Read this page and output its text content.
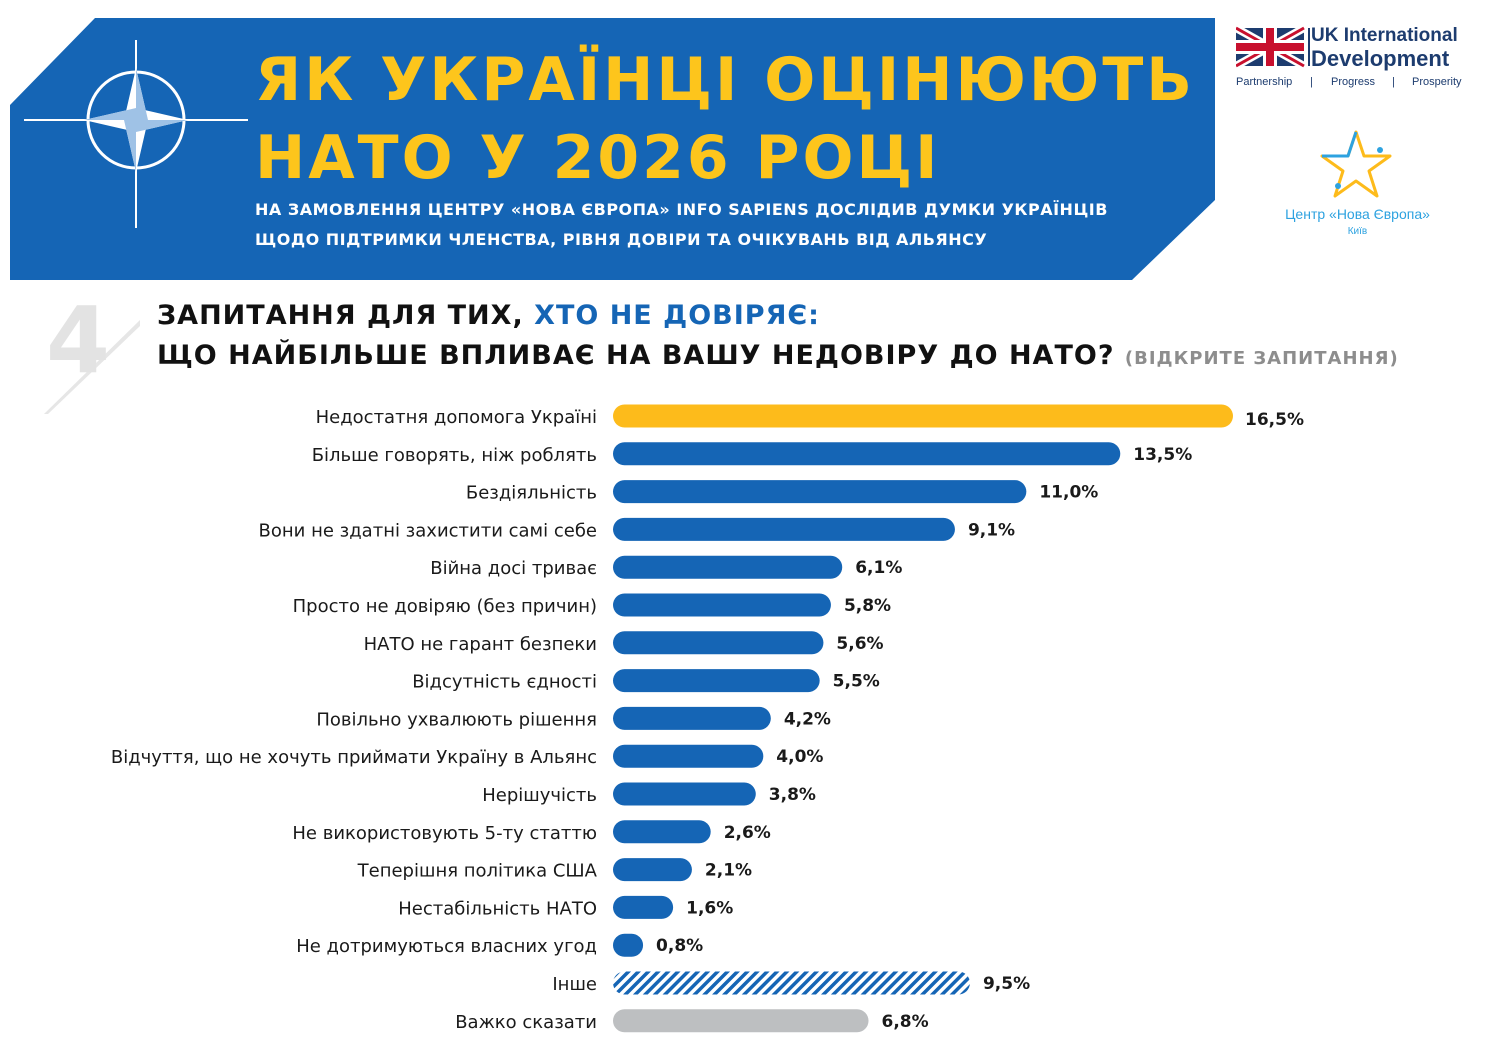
ЯК УКРАЇНЦІ ОЦІНЮЮТЬ
НАТО У 2026 РОЦІ
НА ЗАМОВЛЕННЯ ЦЕНТРУ «НОВА ЄВРОПА» INFO SAPIENS ДОСЛІДИВ ДУМКИ УКРАЇНЦІВ
ЩОДО ПІДТРИМКИ ЧЛЕНСТВА, РІВНЯ ДОВІРИ ТА ОЧІКУВАНЬ ВІД АЛЬЯНСУ
UK International
Development
Partnership | Progress | Prosperity
Центр «Нова Європа»
Київ
4 ЗАПИТАННЯ ДЛЯ ТИХ, ХТО НЕ ДОВІРЯЄ:
ЩО НАЙБІЛЬШЕ ВПЛИВАЄ НА ВАШУ НЕДОВІРУ ДО НАТО? (ВІДКРИТЕ ЗАПИТАННЯ)
Недостатня допомога Україні	16,5%
Більше говорять, ніж роблять	13,5%
Бездіяльність	11,0%
Вони не здатні захистити самі себе	9,1%
Війна досі триває	6,1%
Просто не довіряю (без причин)	5,8%
НАТО не гарант безпеки	5,6%
Відсутність єдності	5,5%
Повільно ухвалюють рішення	4,2%
Відчуття, що не хочуть приймати Україну в Альянс	4,0%
Нерішучість	3,8%
Не використовують 5-ту статтю	2,6%
Теперішня політика США	2,1%
Нестабільність НАТО	1,6%
Не дотримуються власних угод	0,8%
Інше	9,5%
Важко сказати	6,8%
